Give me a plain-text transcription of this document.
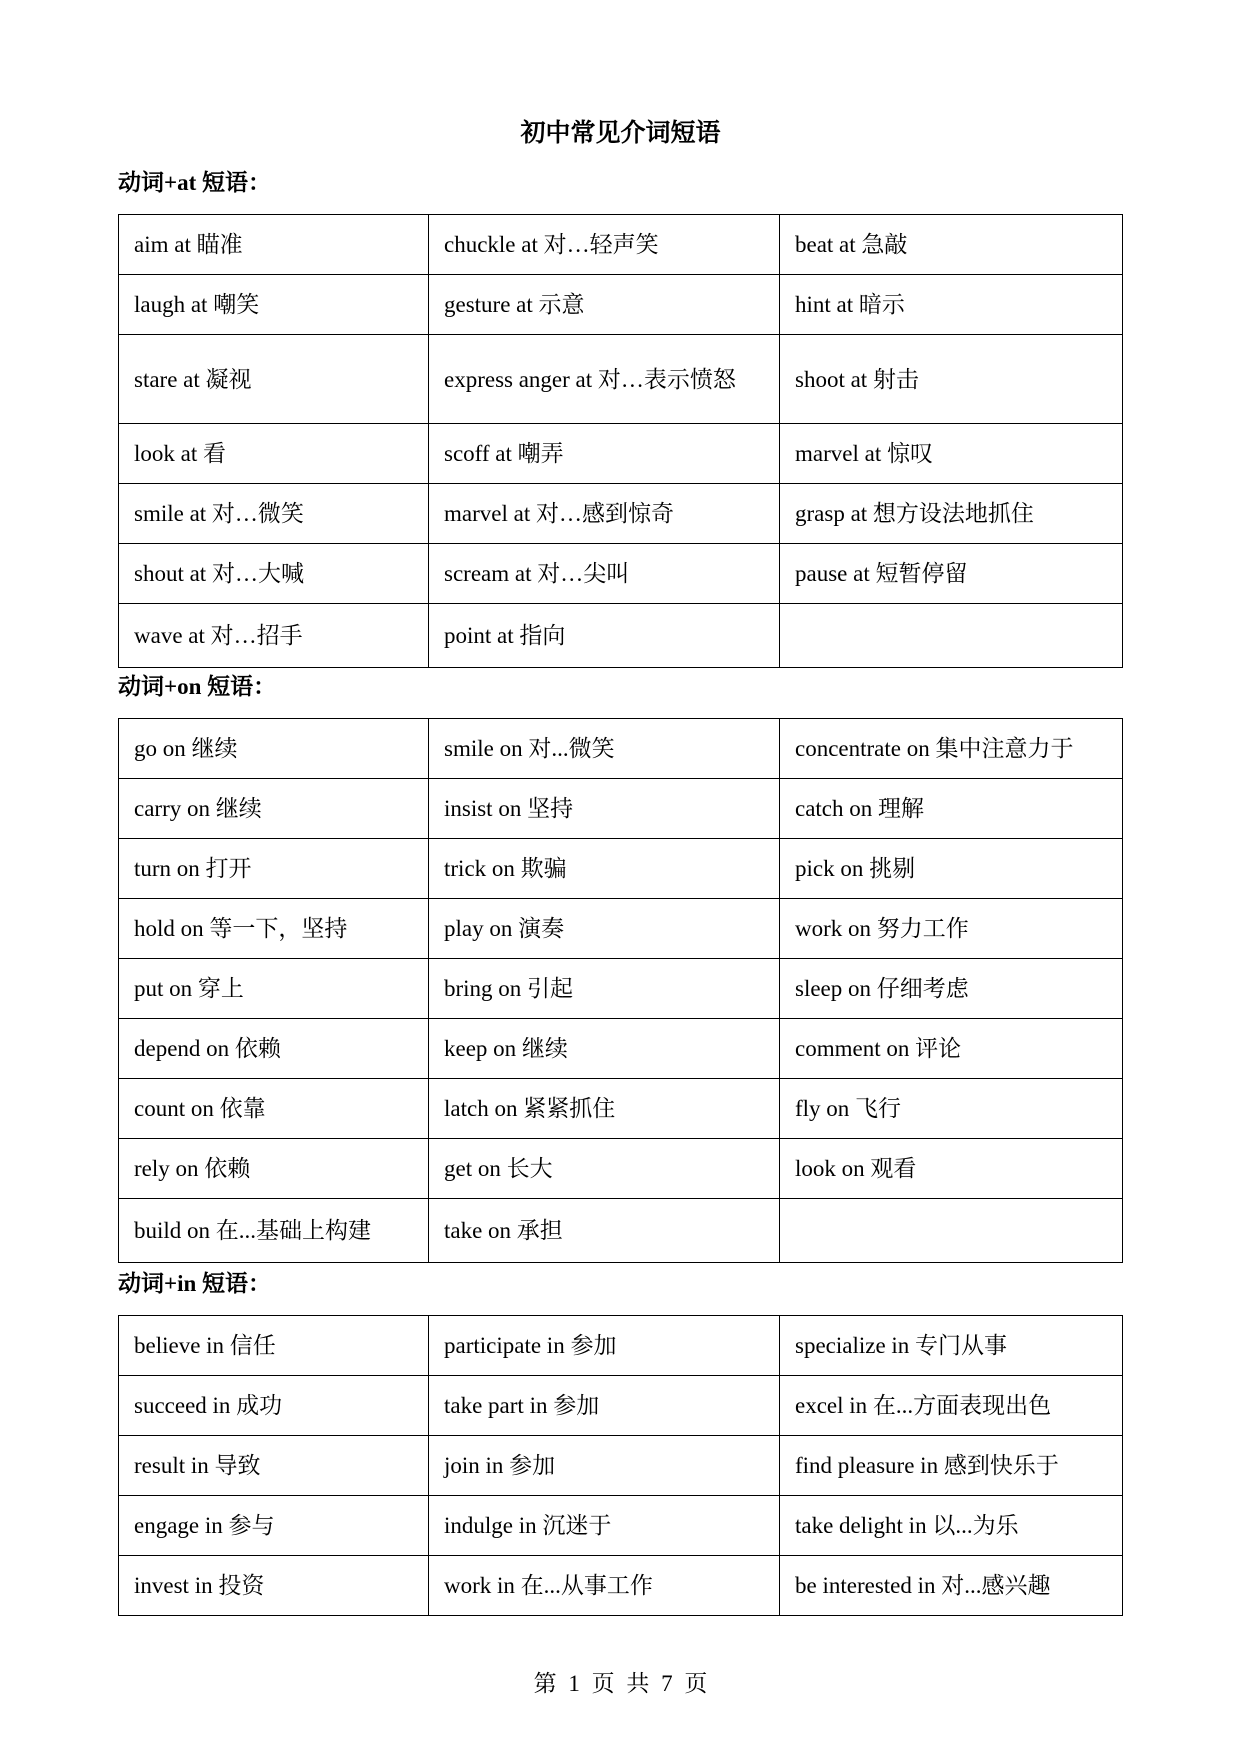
初中常见介词短语
动词+at 短语：
aim at 瞄准	chuckle at 对…轻声笑	beat at 急敲
laugh at 嘲笑	gesture at 示意	hint at 暗示
stare at 凝视	express anger at 对…表示愤怒	shoot at 射击
look at 看	scoff at 嘲弄	marvel at 惊叹
smile at 对…微笑	marvel at 对…感到惊奇	grasp at 想方设法地抓住
shout at 对…大喊	scream at 对…尖叫	pause at 短暂停留
wave at 对…招手	point at 指向	
动词+on 短语：
go on 继续	smile on 对...微笑	concentrate on 集中注意力于
carry on 继续	insist on 坚持	catch on 理解
turn on 打开	trick on 欺骗	pick on 挑剔
hold on 等一下，坚持	play on 演奏	work on 努力工作
put on 穿上	bring on 引起	sleep on 仔细考虑
depend on 依赖	keep on 继续	comment on 评论
count on 依靠	latch on 紧紧抓住	fly on 飞行
rely on 依赖	get on 长大	look on 观看
build on 在...基础上构建	take on 承担	
动词+in 短语：
believe in 信任	participate in 参加	specialize in 专门从事
succeed in 成功	take part in 参加	excel in 在...方面表现出色
result in 导致	join in 参加	find pleasure in 感到快乐于
engage in 参与	indulge in 沉迷于	take delight in 以...为乐
invest in 投资	work in 在...从事工作	be interested in 对...感兴趣
第 1 页 共 7 页
